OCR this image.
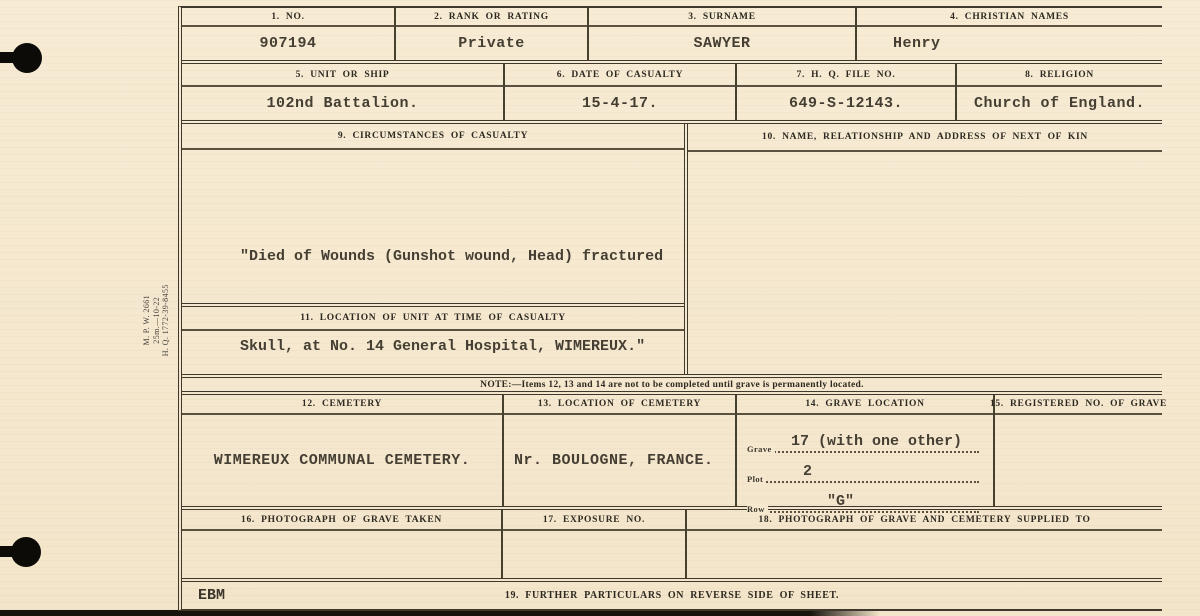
M. P. W. 2661 25m.—10-22 H. Q. 1772-39-8455
1. NO.
907194
2. RANK OR RATING
Private
3. SURNAME
SAWYER
4. CHRISTIAN NAMES
Henry
5. UNIT OR SHIP
102nd Battalion.
6. DATE OF CASUALTY
15-4-17.
7. H. Q. FILE NO.
649-S-12143.
8. RELIGION
Church of England.
9. CIRCUMSTANCES OF CASUALTY

"Died of Wounds (Gunshot wound, Head) fractured

Skull, at No. 14 General Hospital, WIMEREUX."

11. LOCATION OF UNIT AT TIME OF CASUALTY
10. NAME, RELATIONSHIP AND ADDRESS OF NEXT OF KIN
NOTE:—Items 12, 13 and 14 are not to be completed until grave is permanently located.
12. CEMETERY
WIMEREUX COMMUNAL CEMETERY.
13. LOCATION OF CEMETERY
Nr. BOULOGNE, FRANCE.
14. GRAVE LOCATION
Grave 17 (with one other)
Plot	2
Row	"G"
15. REGISTERED NO. OF GRAVE
16. PHOTOGRAPH OF GRAVE TAKEN	17. EXPOSURE NO.	18. PHOTOGRAPH OF GRAVE AND CEMETERY SUPPLIED TO
EBM	19. FURTHER PARTICULARS ON REVERSE SIDE OF SHEET.
